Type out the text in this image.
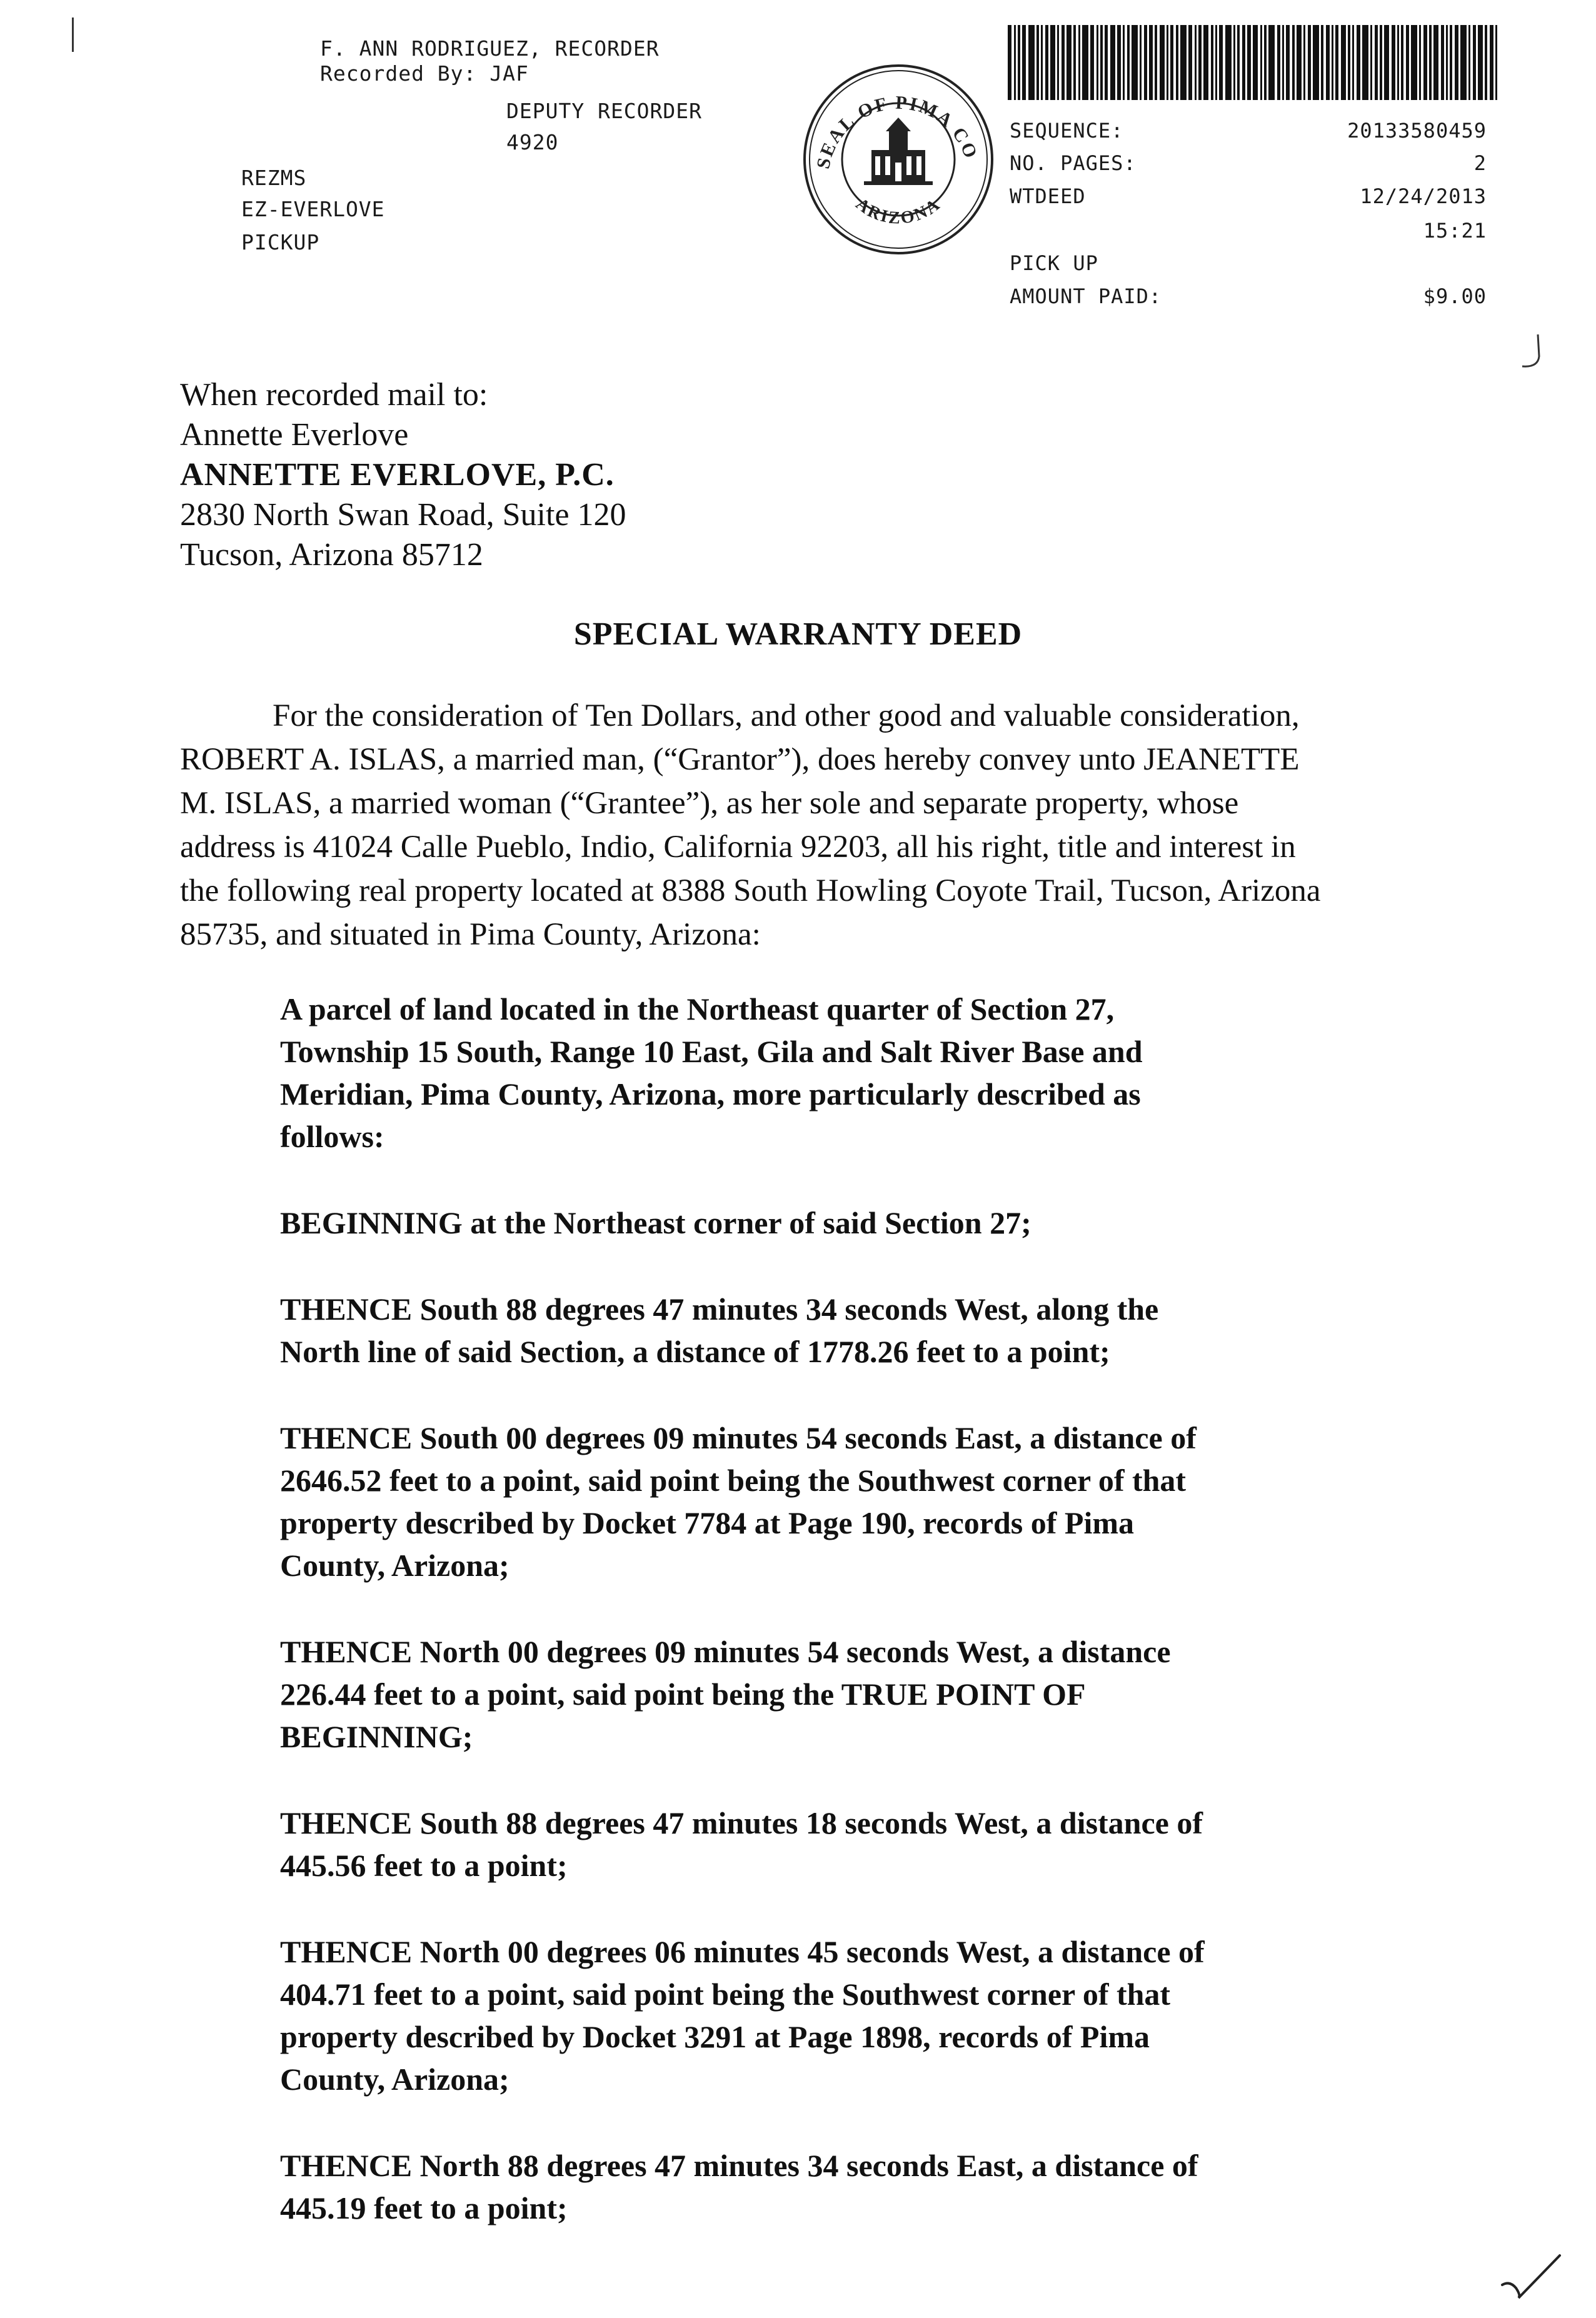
F. ANN RODRIGUEZ, RECORDER
Recorded By: JAF
DEPUTY RECORDER
4920
REZMS
EZ-EVERLOVE
PICKUP
SEAL OF PIMA CO
ARIZONA
SEQUENCE:	20133580459
NO. PAGES:	2
WTDEED	12/24/2013
15:21
PICK UP
AMOUNT PAID:	$9.00
When recorded mail to:
Annette Everlove
ANNETTE EVERLOVE, P.C.
2830 North Swan Road, Suite 120
Tucson, Arizona 85712
SPECIAL WARRANTY DEED
For the consideration of Ten Dollars, and other good and valuable consideration,
ROBERT A. ISLAS, a married man, (“Grantor”), does hereby convey unto JEANETTE
M. ISLAS, a married woman (“Grantee”), as her sole and separate property, whose
address is 41024 Calle Pueblo, Indio, California 92203, all his right, title and interest in
the following real property located at 8388 South Howling Coyote Trail, Tucson, Arizona
85735, and situated in Pima County, Arizona:
A parcel of land located in the Northeast quarter of Section 27,
Township 15 South, Range 10 East, Gila and Salt River Base and
Meridian, Pima County, Arizona, more particularly described as
follows:
BEGINNING at the Northeast corner of said Section 27;
THENCE South 88 degrees 47 minutes 34 seconds West, along the
North line of said Section, a distance of 1778.26 feet to a point;
THENCE South 00 degrees 09 minutes 54 seconds East, a distance of
2646.52 feet to a point, said point being the Southwest corner of that
property described by Docket 7784 at Page 190, records of Pima
County, Arizona;
THENCE North 00 degrees 09 minutes 54 seconds West, a distance
226.44 feet to a point, said point being the TRUE POINT OF
BEGINNING;
THENCE South 88 degrees 47 minutes 18 seconds West, a distance of
445.56 feet to a point;
THENCE North 00 degrees 06 minutes 45 seconds West, a distance of
404.71 feet to a point, said point being the Southwest corner of that
property described by Docket 3291 at Page 1898, records of Pima
County, Arizona;
THENCE North 88 degrees 47 minutes 34 seconds East, a distance of
445.19 feet to a point;
